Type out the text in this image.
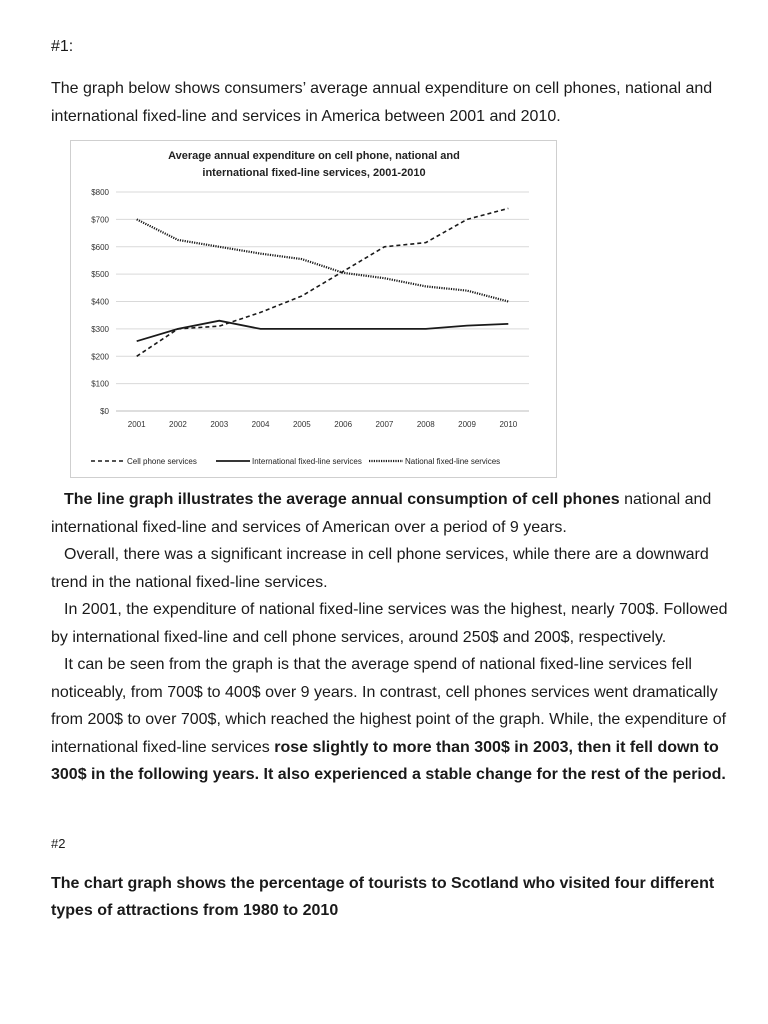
#1:
The graph below shows consumers’ average annual expenditure on cell phones, national and international fixed-line and services in America between 2001 and 2010.
Average annual expenditure on cell phone, national and
international fixed-line services, 2001-2010
$0
$100
$200
$300
$400
$500
$600
$700
$800
2001	2002	2003	2004	2005	2006	2007	2008	2009	2010
Cell phone services	International fixed-line services	National fixed-line services

The line graph illustrates the average annual consumption of cell phones national and international fixed-line and services of American over a period of 9 years.

Overall, there was a significant increase in cell phone services, while there are a downward trend in the national fixed-line services.

In 2001, the expenditure of national fixed-line services was the highest, nearly 700$. Followed by international fixed-line and cell phone services, around 250$ and 200$, respectively.

It can be seen from the graph is that the average spend of national fixed-line services fell noticeably, from 700$ to 400$ over 9 years. In contrast, cell phones services went dramatically from 200$ to over 700$, which reached the highest point of the graph. While, the expenditure of international fixed-line services rose slightly to more than 300$ in 2003, then it fell down to 300$ in the following years. It also experienced a stable change for the rest of the period.

#2
The chart graph shows the percentage of tourists to Scotland who visited four different types of attractions from 1980 to 2010
